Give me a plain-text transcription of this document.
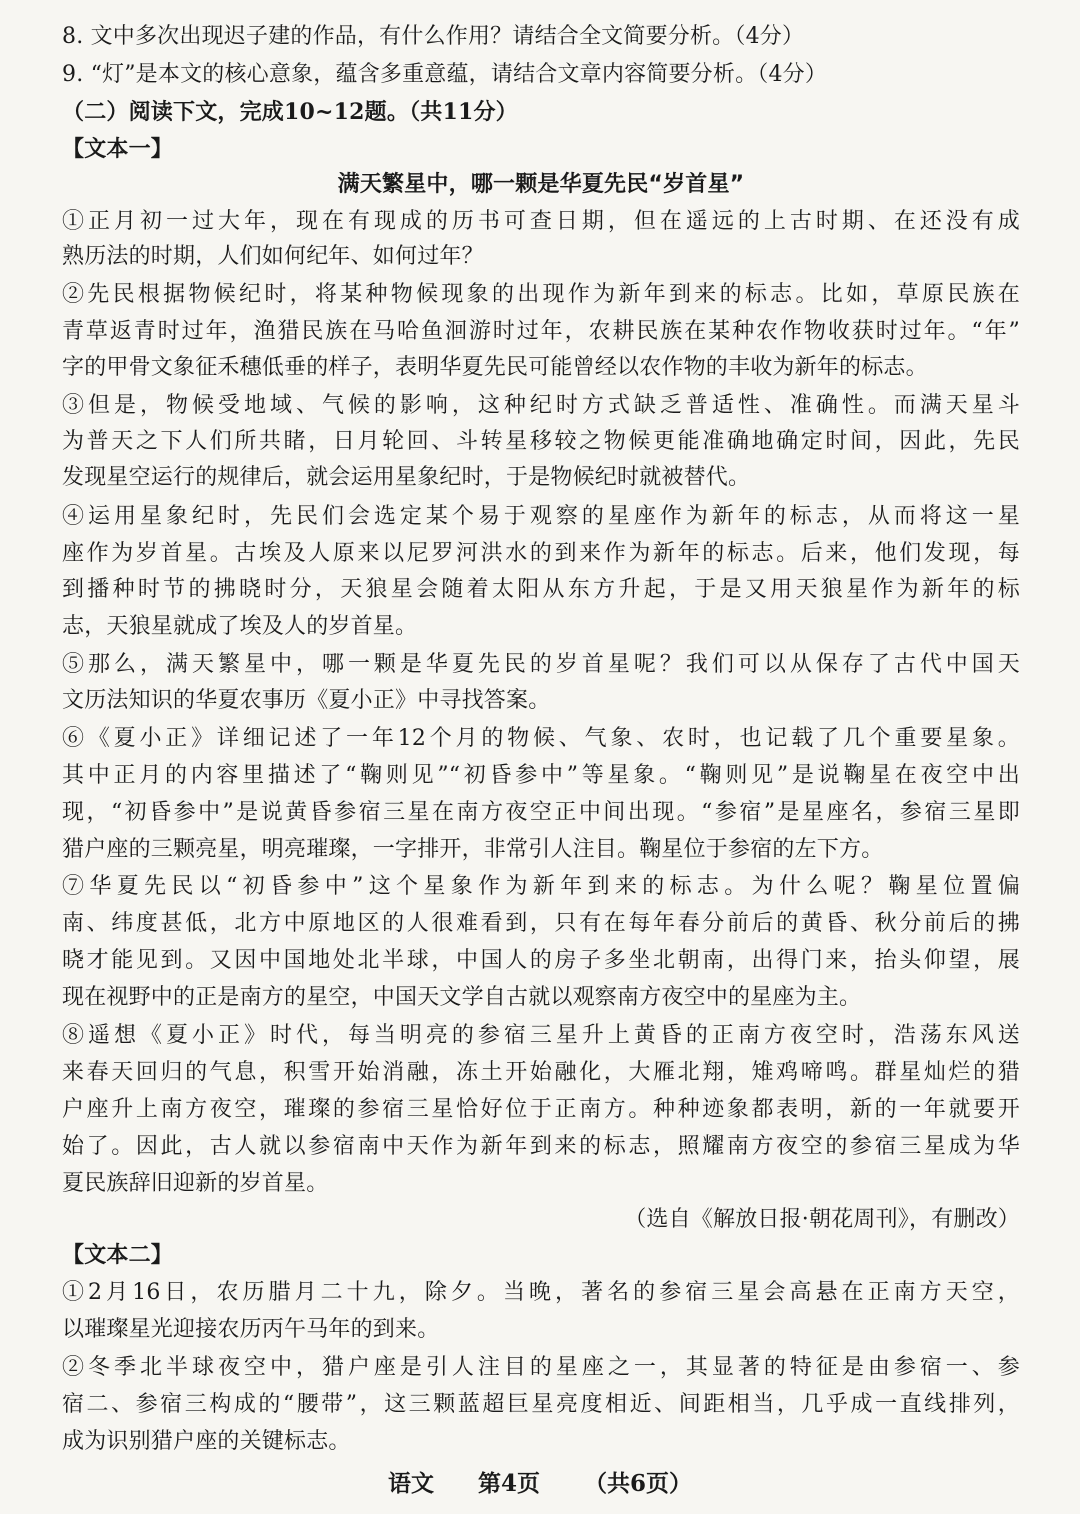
8. 文中多次出现迟子建的作品，有什么作用？请结合全文简要分析。（4分）
9. “灯”是本文的核心意象，蕴含多重意蕴，请结合文章内容简要分析。（4分）
（二）阅读下文，完成10~12题。（共11分）
【文本一】
满天繁星中，哪一颗是华夏先民“岁首星”
①正月初一过大年，现在有现成的历书可查日期，但在遥远的上古时期、在还没有成
熟历法的时期，人们如何纪年、如何过年？
②先民根据物候纪时，将某种物候现象的出现作为新年到来的标志。比如，草原民族在
青草返青时过年，渔猎民族在马哈鱼洄游时过年，农耕民族在某种农作物收获时过年。“年”
字的甲骨文象征禾穗低垂的样子，表明华夏先民可能曾经以农作物的丰收为新年的标志。
③但是，物候受地域、气候的影响，这种纪时方式缺乏普适性、准确性。而满天星斗
为普天之下人们所共睹，日月轮回、斗转星移较之物候更能准确地确定时间，因此，先民
发现星空运行的规律后，就会运用星象纪时，于是物候纪时就被替代。
④运用星象纪时，先民们会选定某个易于观察的星座作为新年的标志，从而将这一星
座作为岁首星。古埃及人原来以尼罗河洪水的到来作为新年的标志。后来，他们发现，每
到播种时节的拂晓时分，天狼星会随着太阳从东方升起，于是又用天狼星作为新年的标
志，天狼星就成了埃及人的岁首星。
⑤那么，满天繁星中，哪一颗是华夏先民的岁首星呢？我们可以从保存了古代中国天
文历法知识的华夏农事历《夏小正》中寻找答案。
⑥《夏小正》详细记述了一年12个月的物候、气象、农时，也记载了几个重要星象。
其中正月的内容里描述了“鞠则见”“初昏参中”等星象。“鞠则见”是说鞠星在夜空中出
现，“初昏参中”是说黄昏参宿三星在南方夜空正中间出现。“参宿”是星座名，参宿三星即
猎户座的三颗亮星，明亮璀璨，一字排开，非常引人注目。鞠星位于参宿的左下方。
⑦华夏先民以“初昏参中”这个星象作为新年到来的标志。为什么呢？鞠星位置偏
南、纬度甚低，北方中原地区的人很难看到，只有在每年春分前后的黄昏、秋分前后的拂
晓才能见到。又因中国地处北半球，中国人的房子多坐北朝南，出得门来，抬头仰望，展
现在视野中的正是南方的星空，中国天文学自古就以观察南方夜空中的星座为主。
⑧遥想《夏小正》时代，每当明亮的参宿三星升上黄昏的正南方夜空时，浩荡东风送
来春天回归的气息，积雪开始消融，冻土开始融化，大雁北翔，雉鸡啼鸣。群星灿烂的猎
户座升上南方夜空，璀璨的参宿三星恰好位于正南方。种种迹象都表明，新的一年就要开
始了。因此，古人就以参宿南中天作为新年到来的标志，照耀南方夜空的参宿三星成为华
夏民族辞旧迎新的岁首星。
（选自《解放日报·朝花周刊》，有删改）
【文本二】
①2月16日，农历腊月二十九，除夕。当晚，著名的参宿三星会高悬在正南方天空，
以璀璨星光迎接农历丙午马年的到来。
②冬季北半球夜空中，猎户座是引人注目的星座之一，其显著的特征是由参宿一、参
宿二、参宿三构成的“腰带”，这三颗蓝超巨星亮度相近、间距相当，几乎成一直线排列，
成为识别猎户座的关键标志。
语文 第4页 （共6页）
